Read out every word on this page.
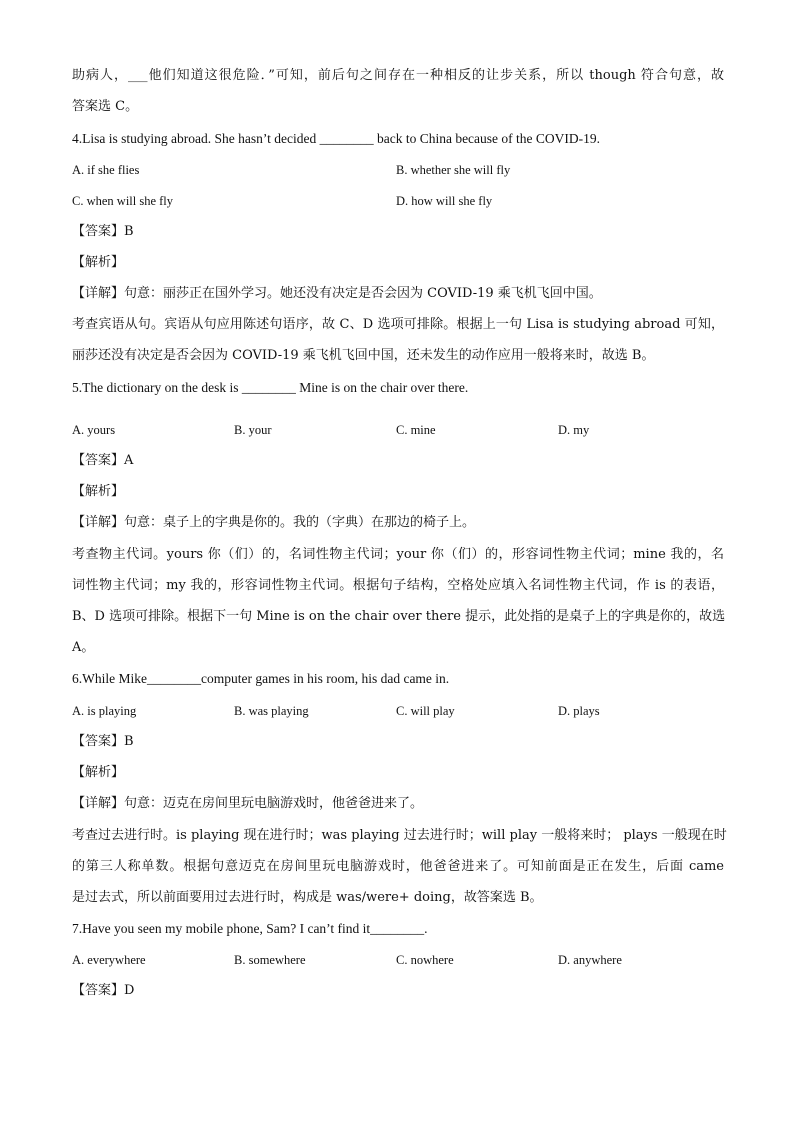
助病人，___他们知道这很危险．”可知，前后句之间存在一种相反的让步关系，所以 though 符合句意，故
答案选 C。
4.Lisa is studying abroad. She hasn’t decided ________ back to China because of the COVID-19.
A. if she flies	B. whether she will fly
C. when will she fly	D. how will she fly
【答案】B
【解析】
【详解】句意：丽莎正在国外学习。她还没有决定是否会因为 COVID-19 乘飞机飞回中国。
考查宾语从句。宾语从句应用陈述句语序，故 C、D 选项可排除。根据上一句 Lisa is studying abroad 可知，
丽莎还没有决定是否会因为 COVID-19 乘飞机飞回中国，还未发生的动作应用一般将来时，故选 B。
5.The dictionary on the desk is ________ Mine is on the chair over there.
A. yours	B. your	C. mine	D. my
【答案】A
【解析】
【详解】句意：桌子上的字典是你的。我的（字典）在那边的椅子上。
考查物主代词。yours 你（们）的，名词性物主代词；your 你（们）的，形容词性物主代词；mine 我的，名
词性物主代词；my 我的，形容词性物主代词。根据句子结构，空格处应填入名词性物主代词，作 is 的表语，
B、D 选项可排除。根据下一句 Mine is on the chair over there 提示，此处指的是桌子上的字典是你的，故选
A。
6.While Mike________computer games in his room, his dad came in.
A. is playing	B. was playing	C. will play	D. plays
【答案】B
【解析】
【详解】句意：迈克在房间里玩电脑游戏时，他爸爸进来了。
考查过去进行时。is playing 现在进行时；was playing 过去进行时；will play 一般将来时； plays 一般现在时
的第三人称单数。根据句意迈克在房间里玩电脑游戏时，他爸爸进来了。可知前面是正在发生，后面 came
是过去式，所以前面要用过去进行时，构成是 was/were+ doing，故答案选 B。
7.Have you seen my mobile phone, Sam? I can’t find it________.
A. everywhere	B. somewhere	C. nowhere	D. anywhere
【答案】D
